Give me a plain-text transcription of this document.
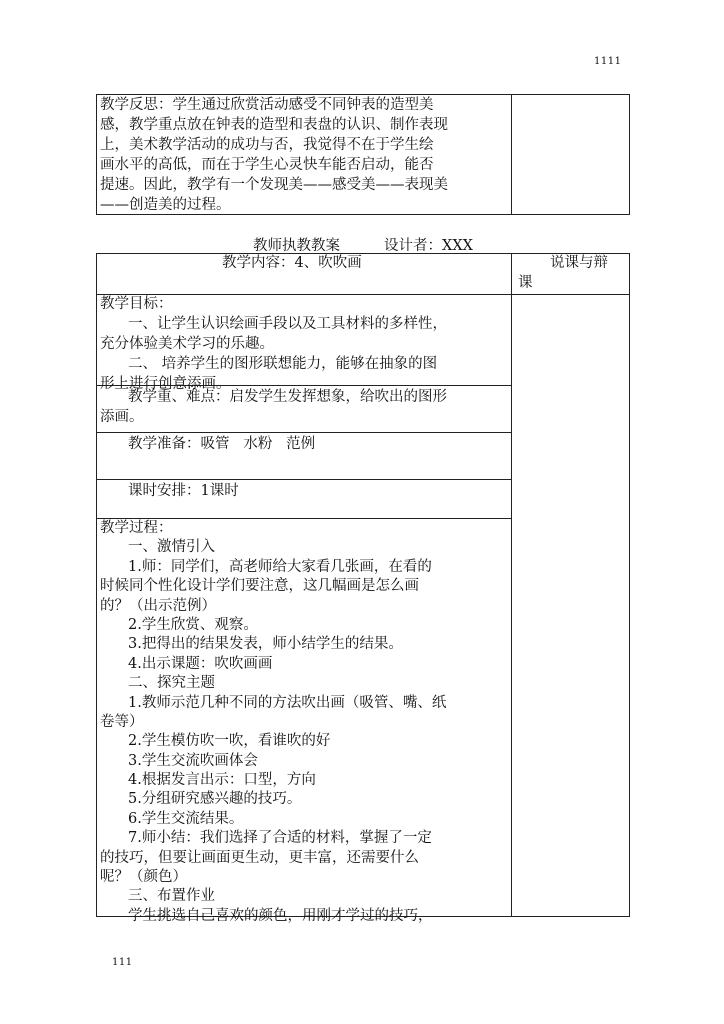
1111
111
教学反思：学生通过欣赏活动感受不同钟表的造型美
感，教学重点放在钟表的造型和表盘的认识、制作表现
上，美术教学活动的成功与否，我觉得不在于学生绘
画水平的高低，而在于学生心灵快车能否启动，能否
提速。因此，教学有一个发现美——感受美——表现美
——创造美的过程。
教师执教教案	设计者：XXX
教学内容：4、吹吹画	说课与辩
课
教学目标：
一、让学生认识绘画手段以及工具材料的多样性，
充分体验美术学习的乐趣。
二、 培养学生的图形联想能力，能够在抽象的图
形上进行创意添画。
教学重、难点：启发学生发挥想象，给吹出的图形
添画。
教学准备：吸管   水粉   范例
课时安排：1课时
教学过程：
一、激情引入
1.师：同学们，高老师给大家看几张画，在看的
时候同个性化设计学们要注意，这几幅画是怎么画
的？（出示范例）
2.学生欣赏、观察。
3.把得出的结果发表，师小结学生的结果。
4.出示课题：吹吹画画
二、探究主题
1.教师示范几种不同的方法吹出画（吸管、嘴、纸
卷等）
2.学生模仿吹一吹，看谁吹的好
3.学生交流吹画体会
4.根据发言出示：口型，方向
5.分组研究感兴趣的技巧。
6.学生交流结果。
7.师小结：我们选择了合适的材料，掌握了一定
的技巧，但要让画面更生动，更丰富，还需要什么
呢？（颜色）
三、布置作业
学生挑选自己喜欢的颜色，用刚才学过的技巧，
